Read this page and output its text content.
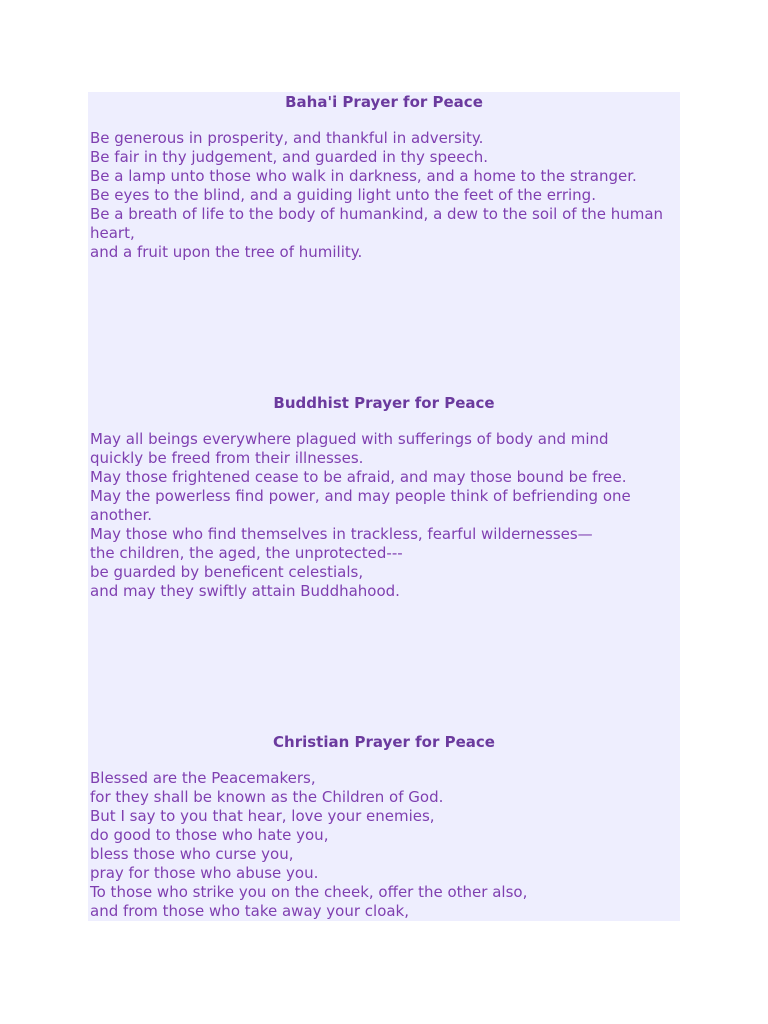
Baha'i Prayer for Peace
Be generous in prosperity, and thankful in adversity.
Be fair in thy judgement, and guarded in thy speech.
Be a lamp unto those who walk in darkness, and a home to the stranger.
Be eyes to the blind, and a guiding light unto the feet of the erring.
Be a breath of life to the body of humankind, a dew to the soil of the human heart,
and a fruit upon the tree of humility.
Buddhist Prayer for Peace
May all beings everywhere plagued with sufferings of body and mind
quickly be freed from their illnesses.
May those frightened cease to be afraid, and may those bound be free.
May the powerless find power, and may people think of befriending one another.
May those who find themselves in trackless, fearful wildernesses—
the children, the aged, the unprotected---
be guarded by beneficent celestials,
and may they swiftly attain Buddhahood.
Christian Prayer for Peace
Blessed are the Peacemakers,
for they shall be known as the Children of God.
But I say to you that hear, love your enemies,
do good to those who hate you,
bless those who curse you,
pray for those who abuse you.
To those who strike you on the cheek, offer the other also,
and from those who take away your cloak,
